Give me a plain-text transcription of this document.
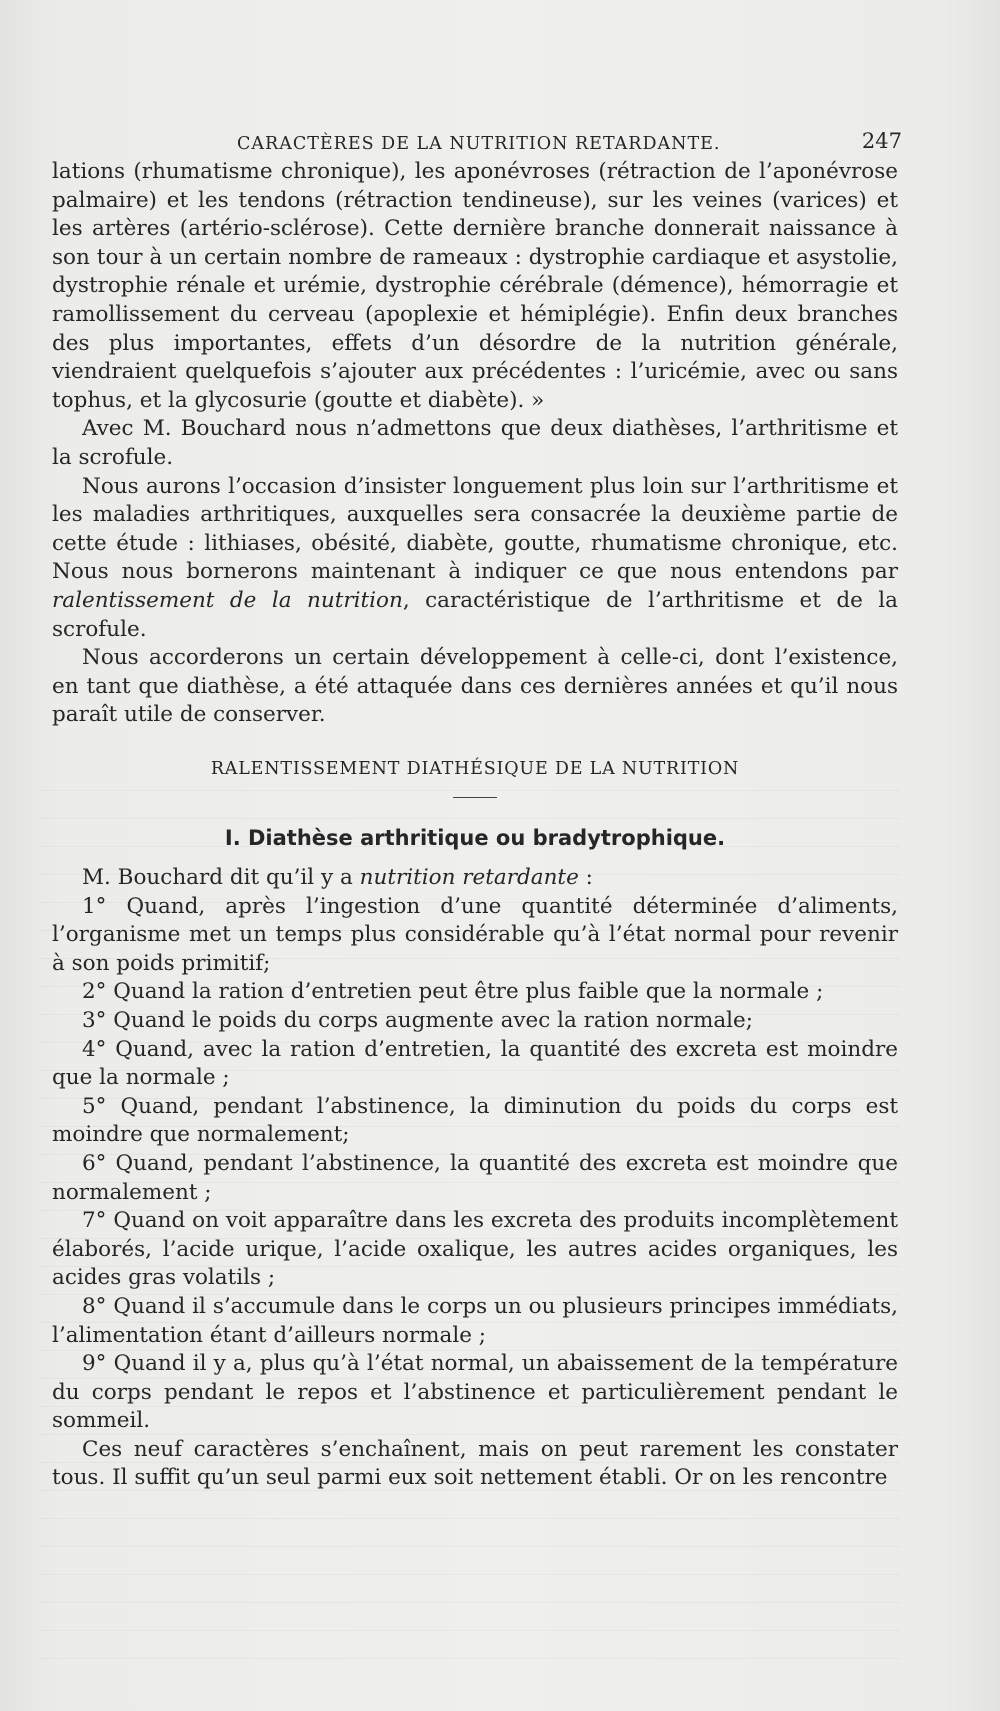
CARACTÈRES DE LA NUTRITION RETARDANTE.	247

lations (rhumatisme chronique), les aponévroses (rétraction de l’aponévrose palmaire) et les tendons (rétraction tendineuse), sur les veines (varices) et les artères (artério-sclérose). Cette dernière branche donnerait naissance à son tour à un certain nombre de rameaux : dystrophie cardiaque et asystolie, dystrophie rénale et urémie, dystrophie cérébrale (démence), hémorragie et ramollissement du cerveau (apoplexie et hémiplégie). Enfin deux branches des plus importantes, effets d’un désordre de la nutrition générale, viendraient quelquefois s’ajouter aux précédentes : l’uricémie, avec ou sans tophus, et la glycosurie (goutte et diabète). »

Avec M. Bouchard nous n’admettons que deux diathèses, l’arthritisme et la scrofule.

Nous aurons l’occasion d’insister longuement plus loin sur l’arthritisme et les maladies arthritiques, auxquelles sera consacrée la deuxième partie de cette étude : lithiases, obésité, diabète, goutte, rhumatisme chronique, etc. Nous nous bornerons maintenant à indiquer ce que nous entendons par ralentissement de la nutrition, caractéristique de l’arthritisme et de la scrofule.

Nous accorderons un certain développement à celle-ci, dont l’existence, en tant que diathèse, a été attaquée dans ces dernières années et qu’il nous paraît utile de conserver.

RALENTISSEMENT DIATHÉSIQUE DE LA NUTRITION
I. Diathèse arthritique ou bradytrophique.

M. Bouchard dit qu’il y a nutrition retardante :

1° Quand, après l’ingestion d’une quantité déterminée d’aliments, l’organisme met un temps plus considérable qu’à l’état normal pour revenir à son poids primitif;

2° Quand la ration d’entretien peut être plus faible que la normale ;

3° Quand le poids du corps augmente avec la ration normale;

4° Quand, avec la ration d’entretien, la quantité des excreta est moindre que la normale ;

5° Quand, pendant l’abstinence, la diminution du poids du corps est moindre que normalement;

6° Quand, pendant l’abstinence, la quantité des excreta est moindre que normalement ;

7° Quand on voit apparaître dans les excreta des produits incomplètement élaborés, l’acide urique, l’acide oxalique, les autres acides organiques, les acides gras volatils ;

8° Quand il s’accumule dans le corps un ou plusieurs principes immédiats, l’alimentation étant d’ailleurs normale ;

9° Quand il y a, plus qu’à l’état normal, un abaissement de la température du corps pendant le repos et l’abstinence et particulièrement pendant le sommeil.

Ces neuf caractères s’enchaînent, mais on peut rarement les constater tous. Il suffit qu’un seul parmi eux soit nettement établi. Or on les rencontre
